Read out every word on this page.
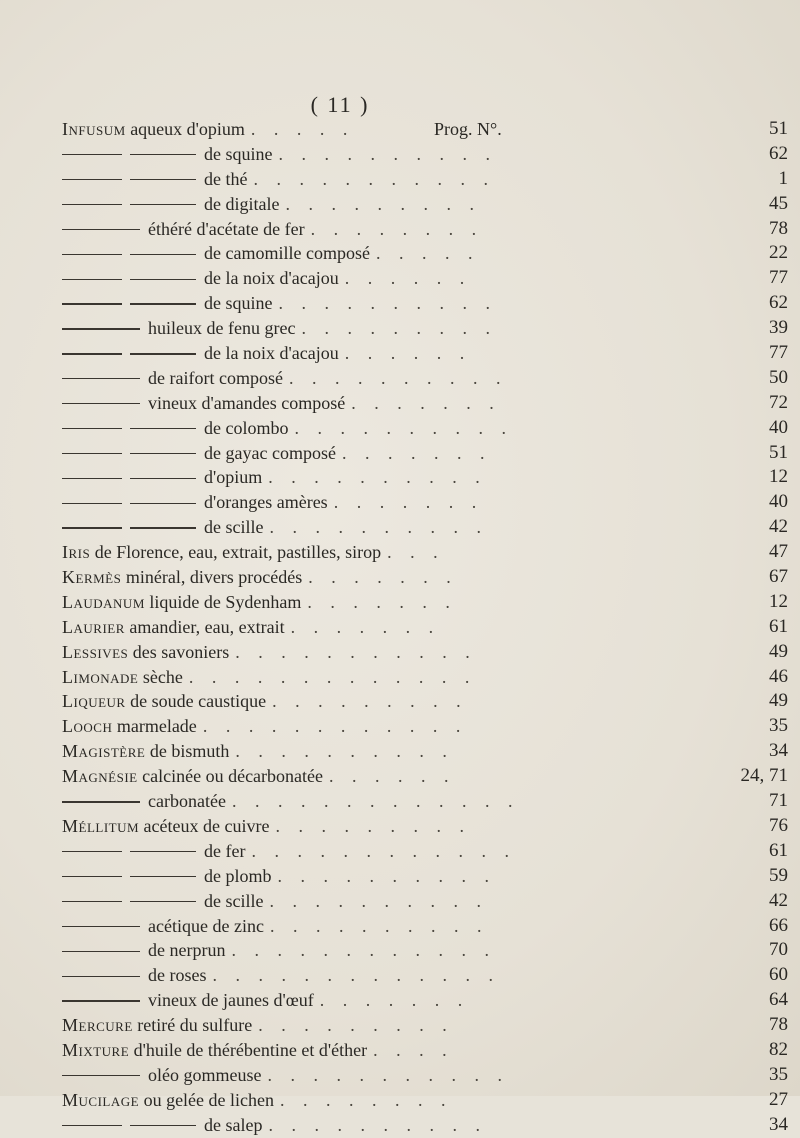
( 11 )
Infusum aqueux d'opium . . . . .	Prog. N°.	51
de squine . . . . . . . . . .	62
de thé . . . . . . . . . . .	1
de digitale . . . . . . . . .	45
éthéré d'acétate de fer . . . . . . . .	78
de camomille composé . . . . .	22
de la noix d'acajou . . . . . .	77
de squine . . . . . . . . . .	62
huileux de fenu grec . . . . . . . . .	39
de la noix d'acajou . . . . . .	77
de raifort composé . . . . . . . . . .	50
vineux d'amandes composé . . . . . . .	72
de colombo . . . . . . . . . .	40
de gayac composé . . . . . . .	51
d'opium . . . . . . . . . .	12
d'oranges amères . . . . . . .	40
de scille . . . . . . . . . .	42
Iris de Florence, eau, extrait, pastilles, sirop . . .	47
Kermès minéral, divers procédés . . . . . . .	67
Laudanum liquide de Sydenham . . . . . . .	12
Laurier amandier, eau, extrait . . . . . . .	61
Lessives des savoniers . . . . . . . . . . .	49
Limonade sèche . . . . . . . . . . . . .	46
Liqueur de soude caustique . . . . . . . . .	49
Looch marmelade . . . . . . . . . . . .	35
Magistère de bismuth . . . . . . . . . .	34
Magnésie calcinée ou décarbonatée . . . . . .	24, 71
carbonatée . . . . . . . . . . . . .	71
Méllitum acéteux de cuivre . . . . . . . . .	76
de fer . . . . . . . . . . . .	61
de plomb . . . . . . . . . .	59
de scille . . . . . . . . . .	42
acétique de zinc . . . . . . . . . .	66
de nerprun . . . . . . . . . . . .	70
de roses . . . . . . . . . . . . .	60
vineux de jaunes d'œuf . . . . . . .	64
Mercure retiré du sulfure . . . . . . . . .	78
Mixture d'huile de thérébentine et d'éther . . . .	82
oléo gommeuse . . . . . . . . . . .	35
Mucilage ou gelée de lichen . . . . . . . .	27
de salep . . . . . . . . . .	34
